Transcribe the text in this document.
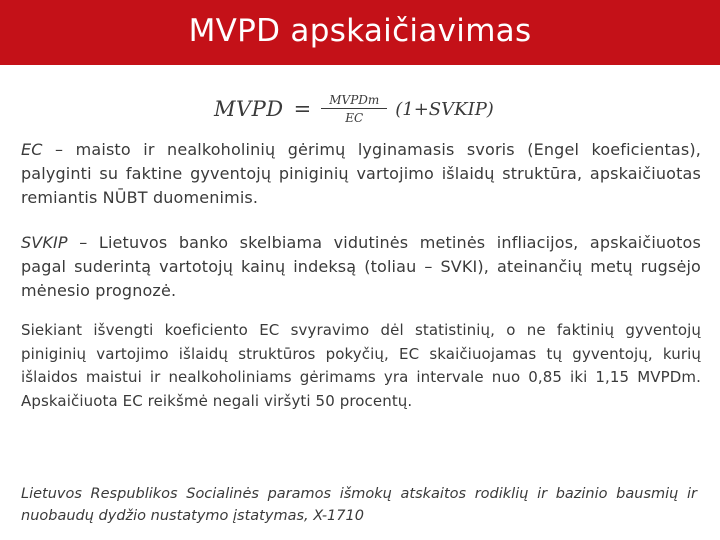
MVPD apskaičiavimas
MVPD = $\frac{\text{MVPDm}}{EC}$ (1+SVKIP)

EC – maisto ir nealkoholinių gėrimų lyginamasis svoris (Engel koeficientas), palyginti su faktine gyventojų piniginių vartojimo išlaidų struktūra, apskaičiuotas remiantis NŪBT duomenimis.

SVKIP – Lietuvos banko skelbiama vidutinės metinės infliacijos, apskaičiuotos pagal suderintą vartotojų kainų indeksą (toliau – SVKI), ateinančių metų rugsėjo mėnesio prognozė.

Siekiant išvengti koeficiento EC svyravimo dėl statistinių, o ne faktinių gyventojų piniginių vartojimo išlaidų struktūros pokyčių, EC skaičiuojamas tų gyventojų, kurių išlaidos maistui ir nealkoholiniams gėrimams yra intervale nuo 0,85 iki 1,15 MVPDm. Apskaičiuota EC reikšmė negali viršyti 50 procentų.

Lietuvos Respublikos Socialinės paramos išmokų atskaitos rodiklių ir bazinio bausmių ir nuobaudų dydžio nustatymo įstatymas, X-1710
